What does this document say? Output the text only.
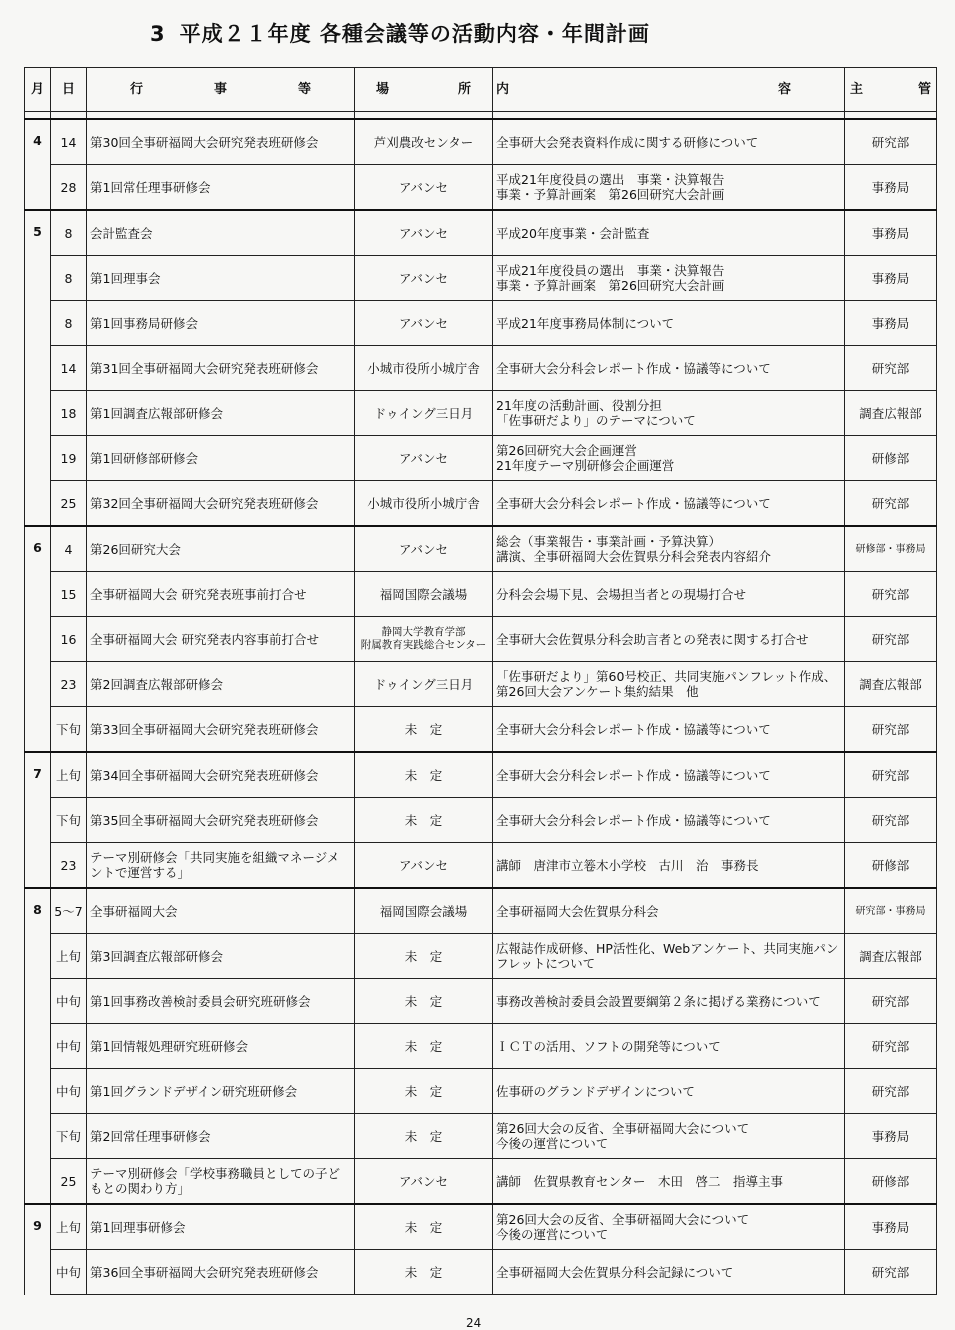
3 平成２１年度 各種会議等の活動内容・年間計画
月	日	行 事 等	場 所	内 容	主 管

4	14	第30回全事研福岡大会研究発表班研修会	芦刈農改センター	全事研大会発表資料作成に関する研修について	研究部
	28	第1回常任理事研修会	アバンセ	平成21年度役員の選出　事業・決算報告
事業・予算計画案　第26回研究大会計画	事務局
5	8	会計監査会	アバンセ	平成20年度事業・会計監査	事務局
	8	第1回理事会	アバンセ	平成21年度役員の選出　事業・決算報告
事業・予算計画案　第26回研究大会計画	事務局
	8	第1回事務局研修会	アバンセ	平成21年度事務局体制について	事務局
	14	第31回全事研福岡大会研究発表班研修会	小城市役所小城庁舎	全事研大会分科会レポート作成・協議等について	研究部
	18	第1回調査広報部研修会	ドゥイング三日月	21年度の活動計画、役割分担
「佐事研だより」のテーマについて	調査広報部
	19	第1回研修部研修会	アバンセ	第26回研究大会企画運営
21年度テーマ別研修会企画運営	研修部
	25	第32回全事研福岡大会研究発表班研修会	小城市役所小城庁舎	全事研大会分科会レポート作成・協議等について	研究部
6	4	第26回研究大会	アバンセ	総会（事業報告・事業計画・予算決算）
講演、全事研福岡大会佐賀県分科会発表内容紹介	研修部・事務局
	15	全事研福岡大会 研究発表班事前打合せ	福岡国際会議場	分科会会場下見、会場担当者との現場打合せ	研究部
	16	全事研福岡大会 研究発表内容事前打合せ	静岡大学教育学部
附属教育実践総合センター	全事研大会佐賀県分科会助言者との発表に関する打合せ	研究部
	23	第2回調査広報部研修会	ドゥイング三日月	「佐事研だより」第60号校正、共同実施パンフレット作成、第26回大会アンケート集約結果　他	調査広報部
	下旬	第33回全事研福岡大会研究発表班研修会	未　定	全事研大会分科会レポート作成・協議等について	研究部
7	上旬	第34回全事研福岡大会研究発表班研修会	未　定	全事研大会分科会レポート作成・協議等について	研究部
	下旬	第35回全事研福岡大会研究発表班研修会	未　定	全事研大会分科会レポート作成・協議等について	研究部
	23	テーマ別研修会「共同実施を組織マネージメントで運営する」	アバンセ	講師　唐津市立箞木小学校　古川　治　事務長	研修部
8	5～7	全事研福岡大会	福岡国際会議場	全事研福岡大会佐賀県分科会	研究部・事務局
	上旬	第3回調査広報部研修会	未　定	広報誌作成研修、HP活性化、Webアンケート、共同実施パンフレットについて	調査広報部
	中旬	第1回事務改善検討委員会研究班研修会	未　定	事務改善検討委員会設置要綱第２条に掲げる業務について	研究部
	中旬	第1回情報処理研究班研修会	未　定	ＩＣＴの活用、ソフトの開発等について	研究部
	中旬	第1回グランドデザイン研究班研修会	未　定	佐事研のグランドデザインについて	研究部
	下旬	第2回常任理事研修会	未　定	第26回大会の反省、全事研福岡大会について
今後の運営について	事務局
	25	テーマ別研修会「学校事務職員としての子どもとの関わり方」	アバンセ	講師　佐賀県教育センター　木田　啓二　指導主事	研修部
9	上旬	第1回理事研修会	未　定	第26回大会の反省、全事研福岡大会について
今後の運営について	事務局
	中旬	第36回全事研福岡大会研究発表班研修会	未　定	全事研福岡大会佐賀県分科会記録について	研究部
24
